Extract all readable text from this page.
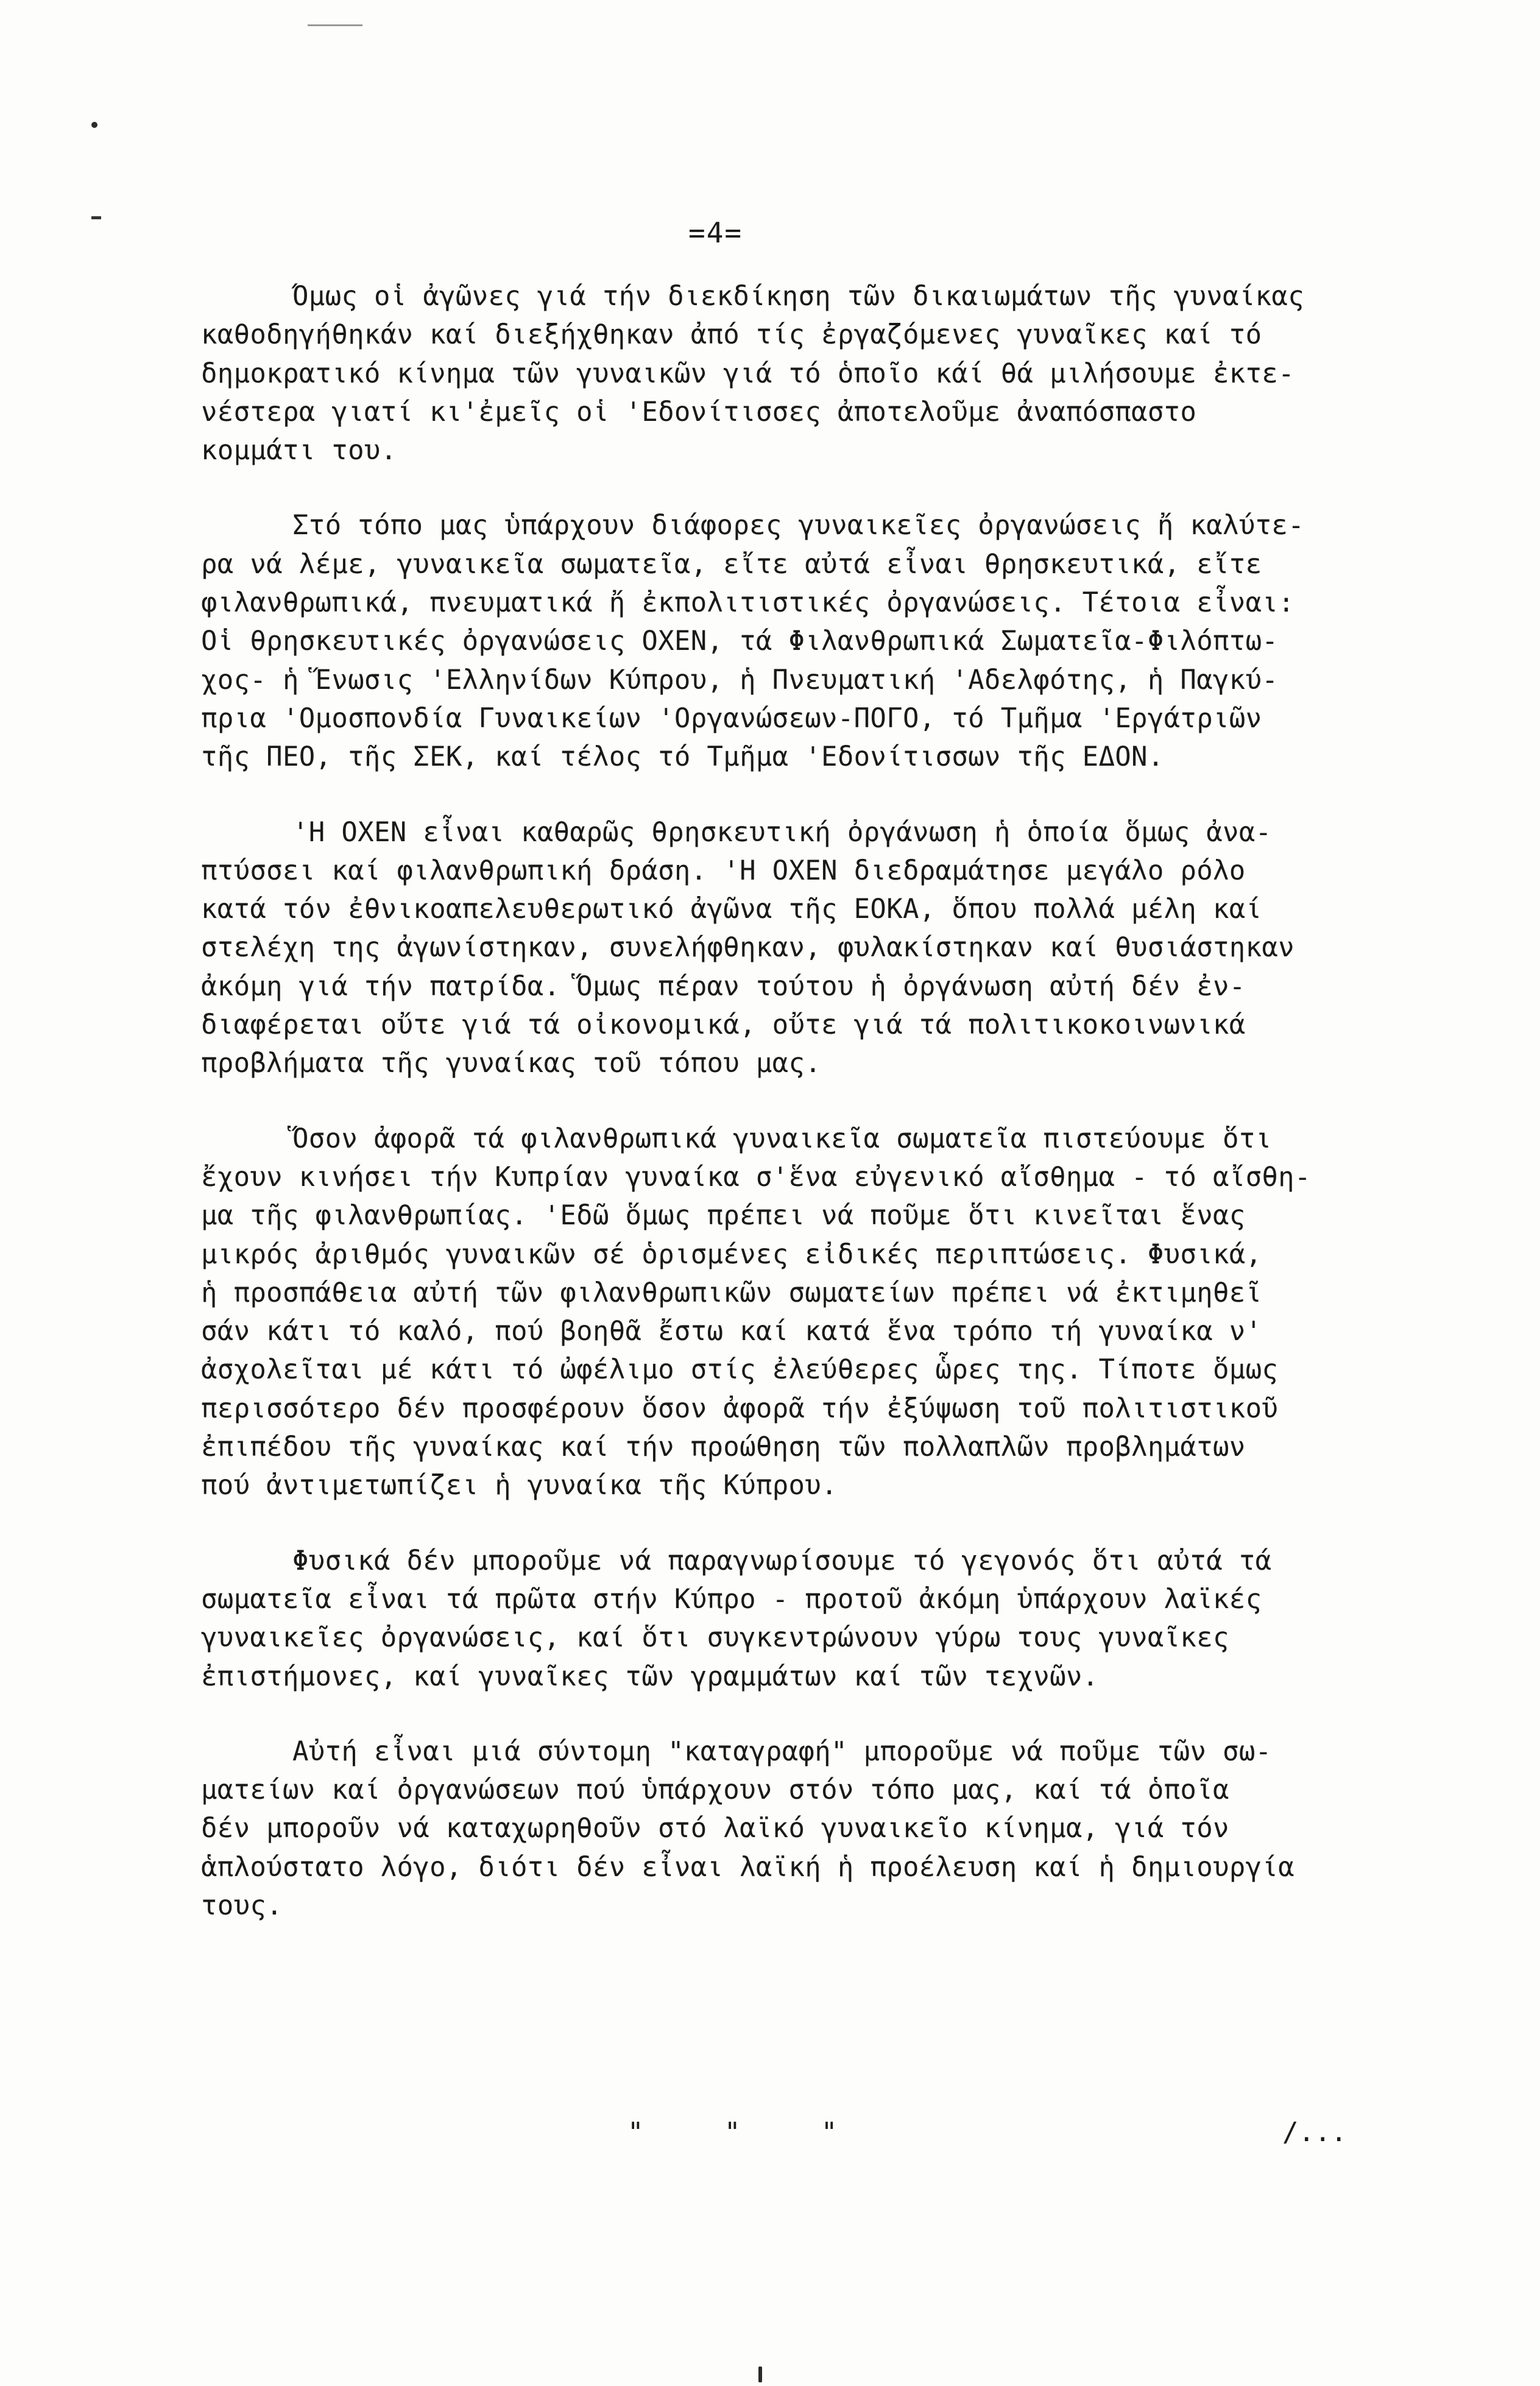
=4=
Όμως οἱ ἀγῶνες γιά τήν διεκδίκηση τῶν δικαιωμάτων τῆς γυναίκας
καθοδηγήθηκάν καί διεξήχθηκαν ἀπό τίς ἐργαζόμενες γυναῖκες καί τό
δημοκρατικό κίνημα τῶν γυναικῶν γιά τό ὁποῖο κάί θά μιλήσουμε ἐκτε-
νέστερα γιατί κι'ἐμεῖς οἱ 'Εδονίτισσες ἀποτελοῦμε ἀναπόσπαστο
κομμάτι του.
Στό τόπο μας ὑπάρχουν διάφορες γυναικεῖες ὀργανώσεις ἤ καλύτε-
ρα νά λέμε, γυναικεῖα σωματεῖα, εἴτε αὐτά εἶναι θρησκευτικά, εἴτε
φιλανθρωπικά, πνευματικά ἤ ἐκπολιτιστικές ὀργανώσεις. Τέτοια εἶναι:
Οἱ θρησκευτικές ὀργανώσεις ΟΧΕΝ, τά Φιλανθρωπικά Σωματεῖα-Φιλόπτω-
χος- ἡ Ἕνωσις 'Ελληνίδων Κύπρου, ἡ Πνευματική 'Αδελφότης, ἡ Παγκύ-
πρια 'Ομοσπονδία Γυναικείων 'Οργανώσεων-ΠΟΓΟ, τό Τμῆμα 'Εργάτριῶν
τῆς ΠΕΟ, τῆς ΣΕΚ, καί τέλος τό Τμῆμα 'Εδονίτισσων τῆς ΕΔΟΝ.
'Η ΟΧΕΝ εἶναι καθαρῶς θρησκευτική ὀργάνωση ἡ ὁποία ὅμως ἀνα-
πτύσσει καί φιλανθρωπική δράση. 'Η ΟΧΕΝ διεδραμάτησε μεγάλο ρόλο
κατά τόν ἐθνικοαπελευθερωτικό ἀγῶνα τῆς ΕΟΚΑ, ὅπου πολλά μέλη καί
στελέχη της ἀγωνίστηκαν, συνελήφθηκαν, φυλακίστηκαν καί θυσιάστηκαν
ἀκόμη γιά τήν πατρίδα. Ὅμως πέραν τούτου ἡ ὀργάνωση αὐτή δέν ἐν-
διαφέρεται οὔτε γιά τά οἰκονομικά, οὔτε γιά τά πολιτικοκοινωνικά
προβλήματα τῆς γυναίκας τοῦ τόπου μας.
Ὅσον ἀφορᾶ τά φιλανθρωπικά γυναικεῖα σωματεῖα πιστεύουμε ὅτι
ἔχουν κινήσει τήν Κυπρίαν γυναίκα σ'ἕνα εὐγενικό αἴσθημα - τό αἴσθη-
μα τῆς φιλανθρωπίας. 'Εδῶ ὅμως πρέπει νά ποῦμε ὅτι κινεῖται ἕνας
μικρός ἀριθμός γυναικῶν σέ ὁρισμένες εἰδικές περιπτώσεις. Φυσικά,
ἡ προσπάθεια αὐτή τῶν φιλανθρωπικῶν σωματείων πρέπει νά ἐκτιμηθεῖ
σάν κάτι τό καλό, πού βοηθᾶ ἔστω καί κατά ἕνα τρόπο τή γυναίκα ν'
ἀσχολεῖται μέ κάτι τό ὠφέλιμο στίς ἐλεύθερες ὧρες της. Τίποτε ὅμως
περισσότερο δέν προσφέρουν ὅσον ἀφορᾶ τήν ἐξύψωση τοῦ πολιτιστικοῦ
ἐπιπέδου τῆς γυναίκας καί τήν προώθηση τῶν πολλαπλῶν προβλημάτων
πού ἀντιμετωπίζει ἡ γυναίκα τῆς Κύπρου.
Φυσικά δέν μποροῦμε νά παραγνωρίσουμε τό γεγονός ὅτι αὐτά τά
σωματεῖα εἶναι τά πρῶτα στήν Κύπρο - προτοῦ ἀκόμη ὑπάρχουν λαϊκές
γυναικεῖες ὀργανώσεις, καί ὅτι συγκεντρώνουν γύρω τους γυναῖκες
ἐπιστήμονες, καί γυναῖκες τῶν γραμμάτων καί τῶν τεχνῶν.
Αὐτή εἶναι μιά σύντομη "καταγραφή" μποροῦμε νά ποῦμε τῶν σω-
ματείων καί ὀργανώσεων πού ὑπάρχουν στόν τόπο μας, καί τά ὁποῖα
δέν μποροῦν νά καταχωρηθοῦν στό λαϊκό γυναικεῖο κίνημα, γιά τόν
ἁπλούστατο λόγο, διότι δέν εἶναι λαϊκή ἡ προέλευση καί ἡ δημιουργία
τους.
"     "     "	/...
